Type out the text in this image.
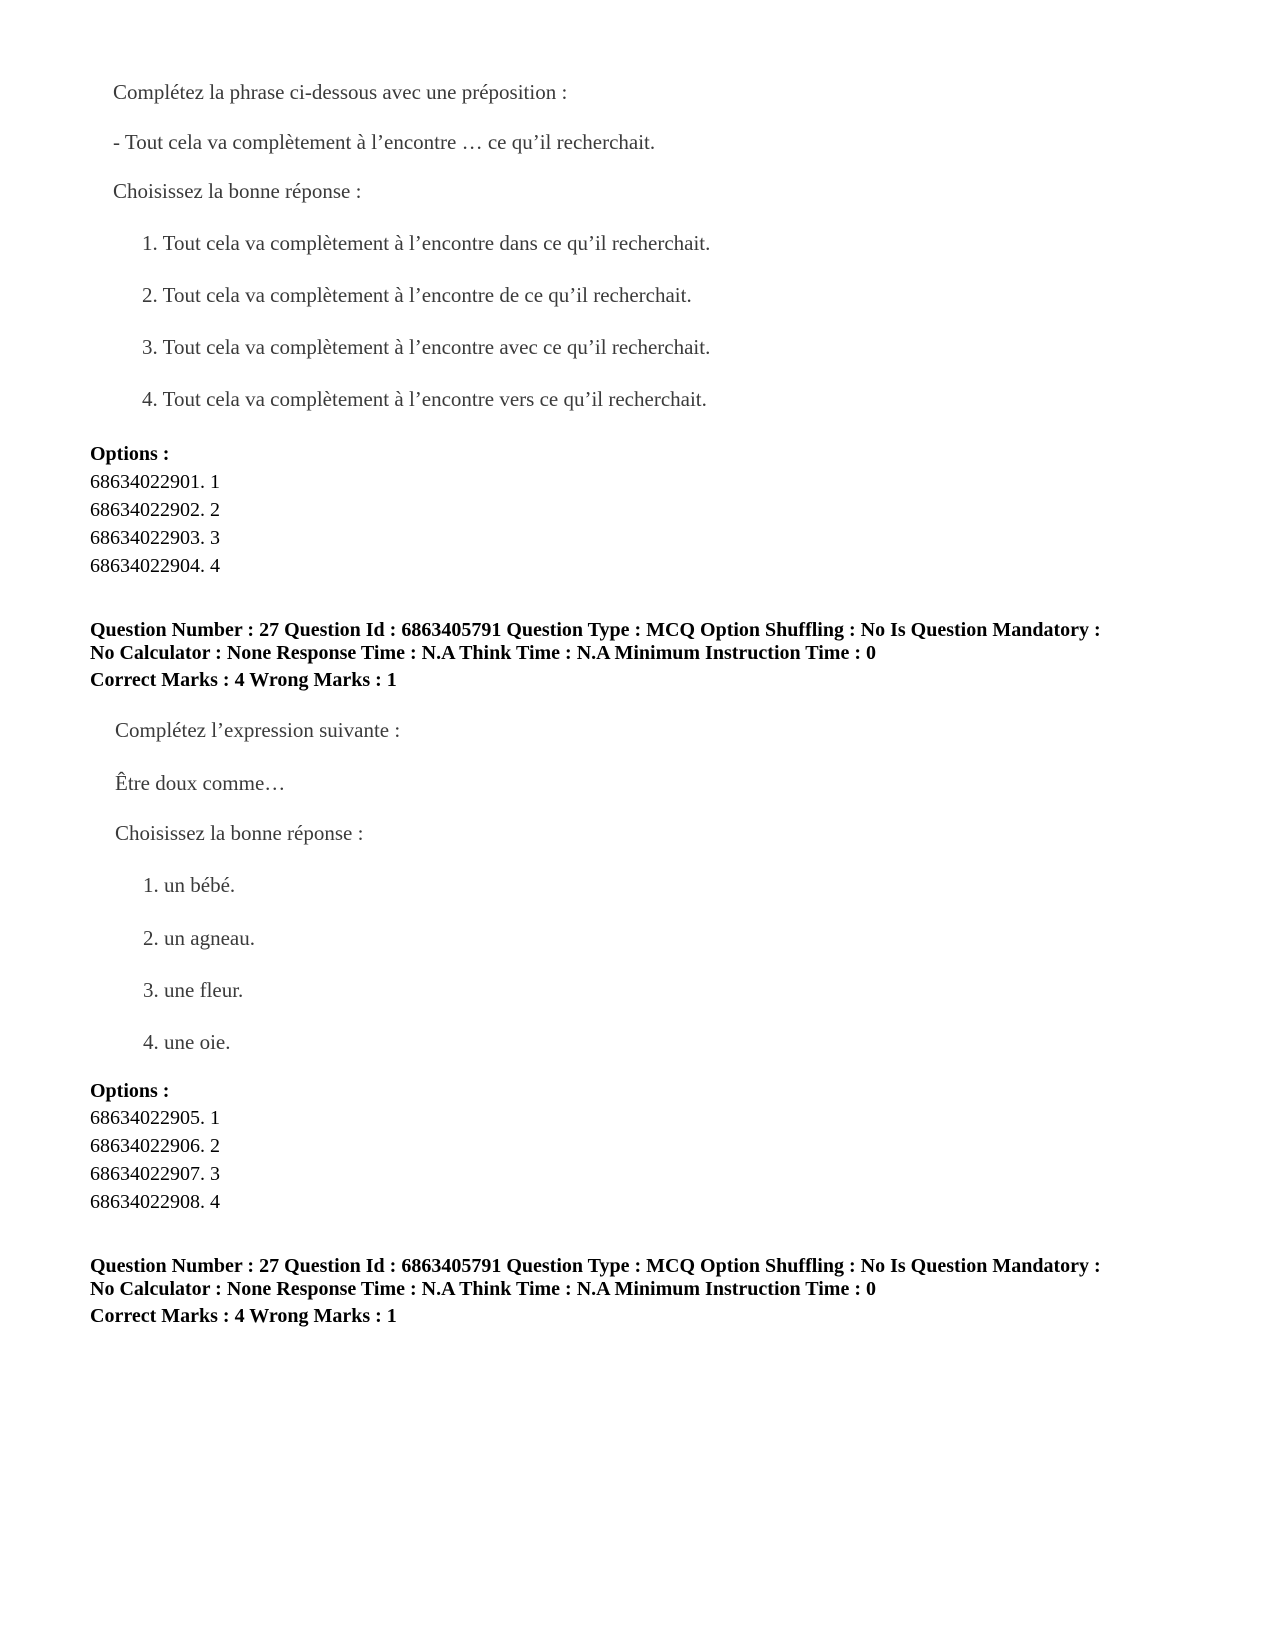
Complétez la phrase ci-dessous avec une préposition :
- Tout cela va complètement à l’encontre … ce qu’il recherchait.
Choisissez la bonne réponse :
1. Tout cela va complètement à l’encontre dans ce qu’il recherchait.
2. Tout cela va complètement à l’encontre de ce qu’il recherchait.
3. Tout cela va complètement à l’encontre avec ce qu’il recherchait.
4. Tout cela va complètement à l’encontre vers ce qu’il recherchait.
Options :
68634022901. 1
68634022902. 2
68634022903. 3
68634022904. 4
Question Number : 27 Question Id : 6863405791 Question Type : MCQ Option Shuffling : No Is Question Mandatory :
No Calculator : None Response Time : N.A Think Time : N.A Minimum Instruction Time : 0
Correct Marks : 4 Wrong Marks : 1
Complétez l’expression suivante :
Être doux comme…
Choisissez la bonne réponse :
1. un bébé.
2. un agneau.
3. une fleur.
4. une oie.
Options :
68634022905. 1
68634022906. 2
68634022907. 3
68634022908. 4
Question Number : 27 Question Id : 6863405791 Question Type : MCQ Option Shuffling : No Is Question Mandatory :
No Calculator : None Response Time : N.A Think Time : N.A Minimum Instruction Time : 0
Correct Marks : 4 Wrong Marks : 1
